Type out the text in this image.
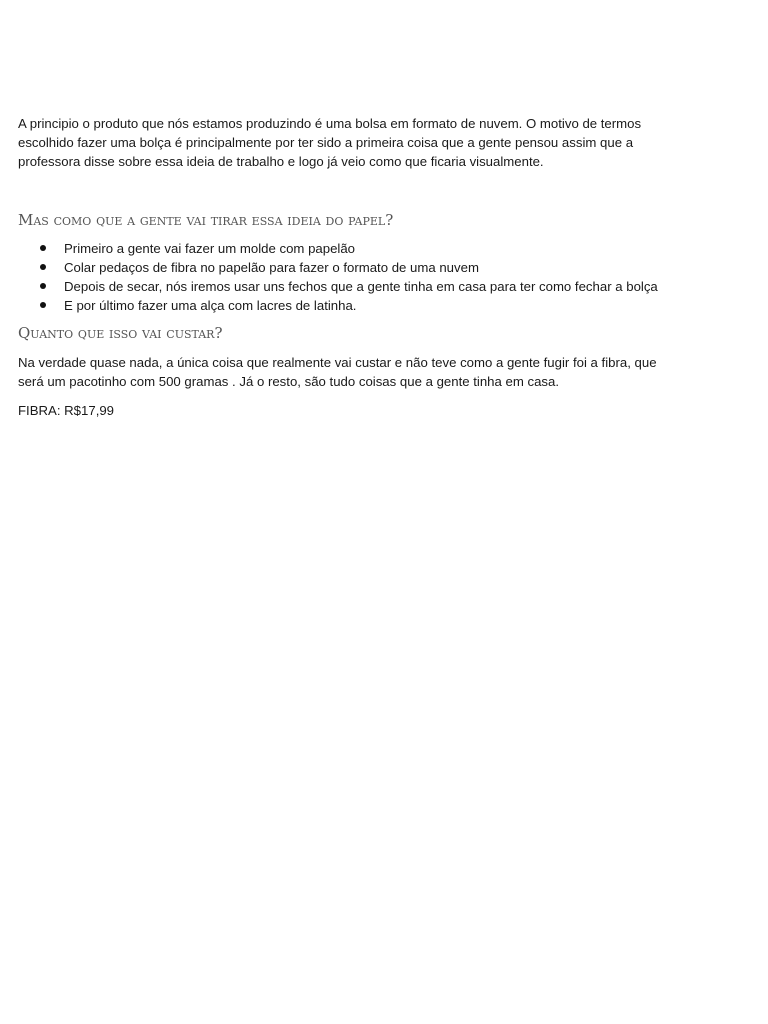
A principio o produto que nós estamos produzindo é uma bolsa em formato de nuvem. O motivo de termos escolhido fazer uma bolça é principalmente por ter sido a primeira coisa que a gente pensou assim que a professora disse sobre essa ideia de trabalho e logo já veio como que ficaria visualmente.

Mas como que a gente vai tirar essa ideia do papel?
Primeiro a gente vai fazer um molde com papelão
Colar pedaços de fibra no papelão para fazer o formato de uma nuvem
Depois de secar, nós iremos usar uns fechos que a gente tinha em casa para ter como fechar a bolça
E por último fazer uma alça com lacres de latinha.
Quanto que isso vai custar?

Na verdade quase nada, a única coisa que realmente vai custar e não teve como a gente fugir foi a fibra, que será um pacotinho com 500 gramas . Já o resto, são tudo coisas que a gente tinha em casa.

FIBRA: R$17,99
